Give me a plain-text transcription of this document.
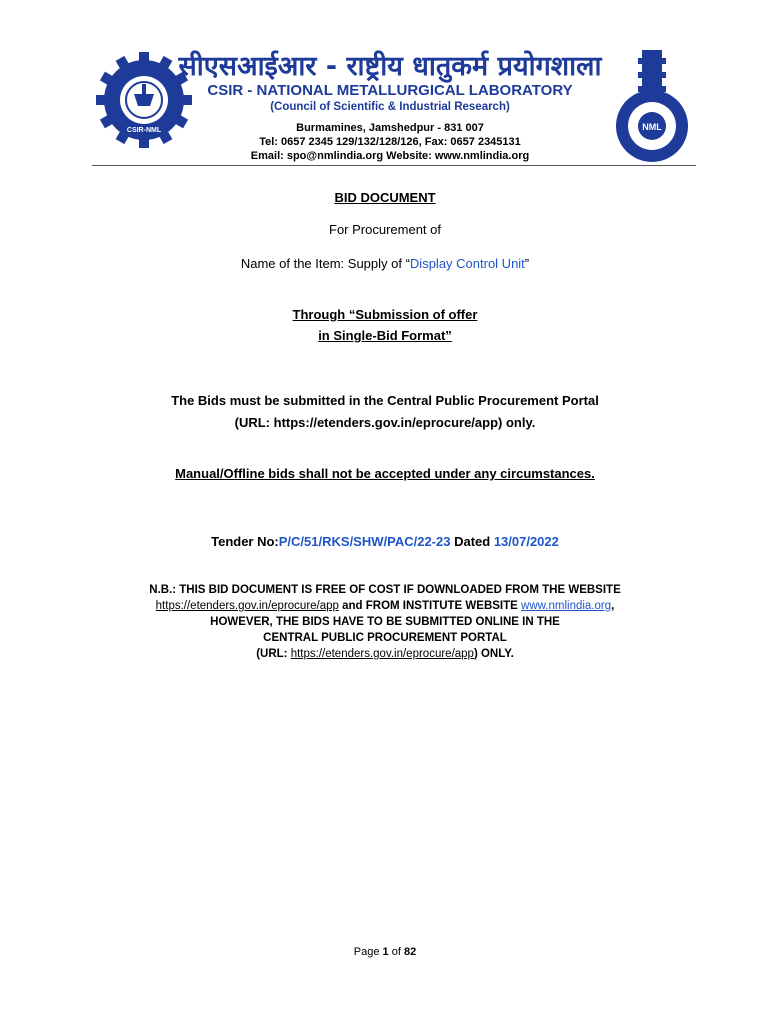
CSIR-NML	NML
सीएसआईआर - राष्ट्रीय धातुकर्म प्रयोगशाला
CSIR - NATIONAL METALLURGICAL LABORATORY
(Council of Scientific & Industrial Research)
Burmamines, Jamshedpur - 831 007
Tel: 0657 2345 129/132/128/126, Fax: 0657 2345131
Email: spo@nmlindia.org Website: www.nmlindia.org
BID DOCUMENT
For Procurement of
Name of the Item: Supply of “Display Control Unit”
Through “Submission of offer
in Single-Bid Format”
The Bids must be submitted in the Central Public Procurement Portal
(URL: https://etenders.gov.in/eprocure/app) only.
Manual/Offline bids shall not be accepted under any circumstances.
Tender No:P/C/51/RKS/SHW/PAC/22-23 Dated 13/07/2022
N.B.: THIS BID DOCUMENT IS FREE OF COST IF DOWNLOADED FROM THE WEBSITE
https://etenders.gov.in/eprocure/app and FROM INSTITUTE WEBSITE www.nmlindia.org,
HOWEVER, THE BIDS HAVE TO BE SUBMITTED ONLINE IN THE
CENTRAL PUBLIC PROCUREMENT PORTAL
(URL: https://etenders.gov.in/eprocure/app) ONLY.
Page 1 of 82
